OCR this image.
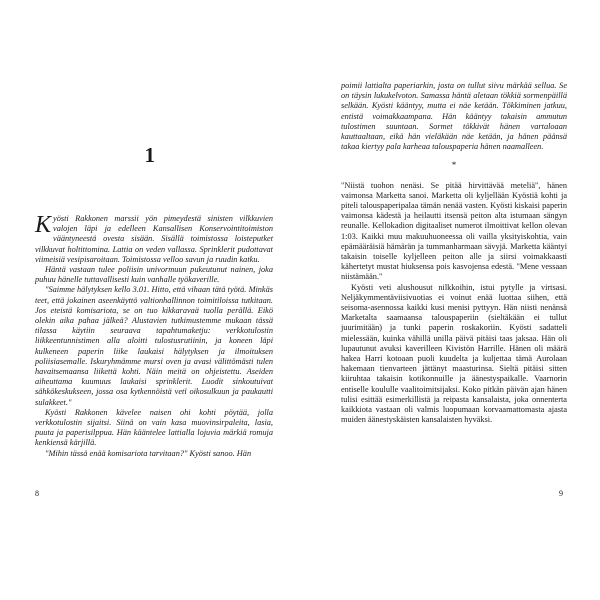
1

Kyösti Rakkonen marssii yön pimeydestä sinisten vilkkuvien valojen läpi ja edelleen Kansallisen Konservointitoimiston vääntyneestä ovesta sisään. Sisällä toimistossa loisteputket vilkkuvat holtittomina. Lattia on veden vallassa. Sprinklerit pudottavat viimeisiä vesipisaroitaan. Toimistossa velloo savun ja ruudin katku.

Häntä vastaan tulee poliisin univormuun pukeutunut nainen, joka puhuu hänelle tuttavallisesti kuin vanhalle työkaverille.

"Saimme hälytyksen kello 3.01. Hitto, että vihaan tätä työtä. Minkäs teet, että jokainen aseenkäyttö valtionhallinnon toimitiloissa tutkitaan. Jos eteistä komisariota, se on tuo kikkaravaä tuolla perällä. Eikö olekin aika pahaa jälkeä? Alustavien tutkimustemme mukaan tässä tilassa käytiin seuraava tapahtumaketju: verkkotulostin liikkeentunnistimen alla aloitti tulostusrutiinin, ja koneen läpi kulkeneen paperin liike laukaisi hälytyksen ja ilmoituksen poliisiasemalle. Iskuryhmämme mursi oven ja avasi välittömästi tulen havaitsemaansa liikettä kohti. Näin meitä on ohjeistettu. Aseiden aiheuttama kuumuus laukaisi sprinklerit. Luodit sinkoutuivat sähkökeskukseen, jossa osa kytkennöistä vetï oikosulkuun ja paukautti sulakkeet."

Kyösti Rakkonen kävelee naisen ohi kohti pöytää, jolla verkkotulostin sijaitsi. Siinä on vain kasa muovinsirpaleita, lasia, puuta ja paperisilppua. Hän kääntelee lattialla lojuvia märkiä romuja kenkiensä kärjillä.

"Mihin tässä enää komisariota tarvitaan?" Kyösti sanoo. Hän

8

poimii lattialta paperiarkin, josta on tullut siivu märkää sellua. Se on täysin lukukelvoton. Samassa häntä aletaan tökkiä sormenpäillä selkään. Kyösti kääntyy, mutta ei näe ketään. Tökkiminen jatkuu, entistä voimakkaampana. Hän kääntyy takaisin ammutun tulostimen suuntaan. Sormet tökkivät hänen vartaloaan kauttaaltaan, eikä hän vieläkään näe ketään, ja hänen päänsä takaa kiertyy pala karheaa talouspaperia hänen naamalleen.

*

"Niistä tuohon nenäsi. Se pitää hirvittävää meteliä", hänen vaimonsa Marketta sanoi. Marketta oli kyljellään Kyöstiä kohti ja piteli talouspaperipalaa tämän nenää vasten. Kyösti kiskaisi paperin vaimonsa kädestä ja heilautti itsensä peiton alta istumaan sängyn reunalle. Kellokadion digitaaliset numerot ilmoittivat kellon olevan 1:03. Kaikki muu makuuhuoneessa oli vailla yksityiskohtia, vain epämääräisiä hämärän ja tummanharmaan sävyjä. Marketta kääntyi takaisin toiselle kyljelleen peiton alle ja siirsi voimakkaasti kähertetyt mustat hiuksensa pois kasvojensa edestä. "Mene vessaan niistämään."

Kyösti veti alushousut nilkkoihin, istui pytylle ja virtsasi. Neljäkymmentäviisivuotias ei voinut enää luottaa siihen, että seisoma-asennossa kaikki kusi menisi pyttyyn. Hän niisti nenänsä Marketalta saamaansa talouspaperiin (sieltäkään ei tullut juurimitään) ja tunki paperin roskakoriin. Kyösti sadatteli mielessään, kuinka vähillä unilla päivä pitäisi taas jaksaa. Hän oli lupautunut avuksi kaverilleen Kivistön Harrille. Hänen oli määrä hakea Harri kotoaan puoli kuudelta ja kuljettaa tämä Aurolaan hakemaan tienvarteen jättänyt maasturinsa. Sieltä pitäisi sitten kiiruhtaa takaisin kotikonnuille ja äänestyspaikalle. Vaarnorin entiselle koululle vaalitoimitsijaksi. Koko pitkän päivän ajan hänen tulisi esittää esimerkillistä ja reipasta kansalaista, joka onnenterta kaikkiota vastaan oli valmis luopumaan korvaamattomasta ajasta muiden äänestyskäisten kansalaisten hyväksi.

9
